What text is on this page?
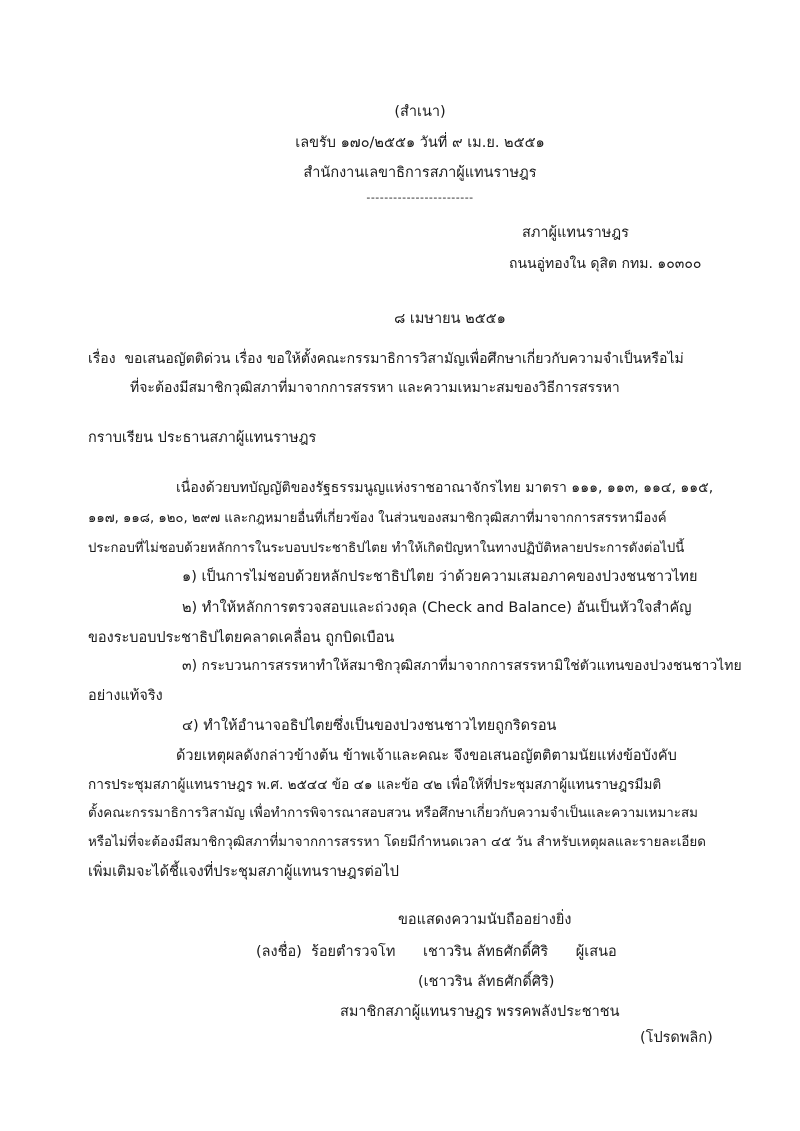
(สำเนา)
เลขรับ ๑๗๐/๒๕๕๑ วันที่ ๙ เม.ย. ๒๕๕๑
สำนักงานเลขาธิการสภาผู้แทนราษฎร
------------------------
สภาผู้แทนราษฎร
ถนนอู่ทองใน ดุสิต กทม. ๑๐๓๐๐
๘ เมษายน ๒๕๕๑
เรื่อง ขอเสนอญัตติด่วน เรื่อง ขอให้ตั้งคณะกรรมาธิการวิสามัญเพื่อศึกษาเกี่ยวกับความจำเป็นหรือไม่
ที่จะต้องมีสมาชิกวุฒิสภาที่มาจากการสรรหา และความเหมาะสมของวิธีการสรรหา
กราบเรียน ประธานสภาผู้แทนราษฎร
เนื่องด้วยบทบัญญัติของรัฐธรรมนูญแห่งราชอาณาจักรไทย มาตรา ๑๑๑, ๑๑๓, ๑๑๔, ๑๑๕,
๑๑๗, ๑๑๘, ๑๒๐, ๒๙๗ และกฎหมายอื่นที่เกี่ยวข้อง ในส่วนของสมาชิกวุฒิสภาที่มาจากการสรรหามีองค์
ประกอบที่ไม่ชอบด้วยหลักการในระบอบประชาธิปไตย ทำให้เกิดปัญหาในทางปฏิบัติหลายประการดังต่อไปนี้
๑) เป็นการไม่ชอบด้วยหลักประชาธิปไตย ว่าด้วยความเสมอภาคของปวงชนชาวไทย
๒) ทำให้หลักการตรวจสอบและถ่วงดุล (Check and Balance) อันเป็นหัวใจสำคัญ
ของระบอบประชาธิปไตยคลาดเคลื่อน ถูกบิดเบือน
๓) กระบวนการสรรหาทำให้สมาชิกวุฒิสภาที่มาจากการสรรหามิใช่ตัวแทนของปวงชนชาวไทย
อย่างแท้จริง
๔) ทำให้อำนาจอธิปไตยซึ่งเป็นของปวงชนชาวไทยถูกริดรอน
ด้วยเหตุผลดังกล่าวข้างต้น ข้าพเจ้าและคณะ จึงขอเสนอญัตติตามนัยแห่งข้อบังคับ
การประชุมสภาผู้แทนราษฎร พ.ศ. ๒๕๔๔ ข้อ ๔๑ และข้อ ๔๒ เพื่อให้ที่ประชุมสภาผู้แทนราษฎรมีมติ
ตั้งคณะกรรมาธิการวิสามัญ เพื่อทำการพิจารณาสอบสวน หรือศึกษาเกี่ยวกับความจำเป็นและความเหมาะสม
หรือไม่ที่จะต้องมีสมาชิกวุฒิสภาที่มาจากการสรรหา โดยมีกำหนดเวลา ๔๕ วัน สำหรับเหตุผลและรายละเอียด
เพิ่มเติมจะได้ชี้แจงที่ประชุมสภาผู้แทนราษฎรต่อไป
ขอแสดงความนับถืออย่างยิ่ง
(ลงชื่อ) ร้อยตำรวจโท เชาวริน ลัทธศักดิ์ศิริ ผู้เสนอ
(เชาวริน ลัทธศักดิ์ศิริ)
สมาชิกสภาผู้แทนราษฎร พรรคพลังประชาชน
(โปรดพลิก)
